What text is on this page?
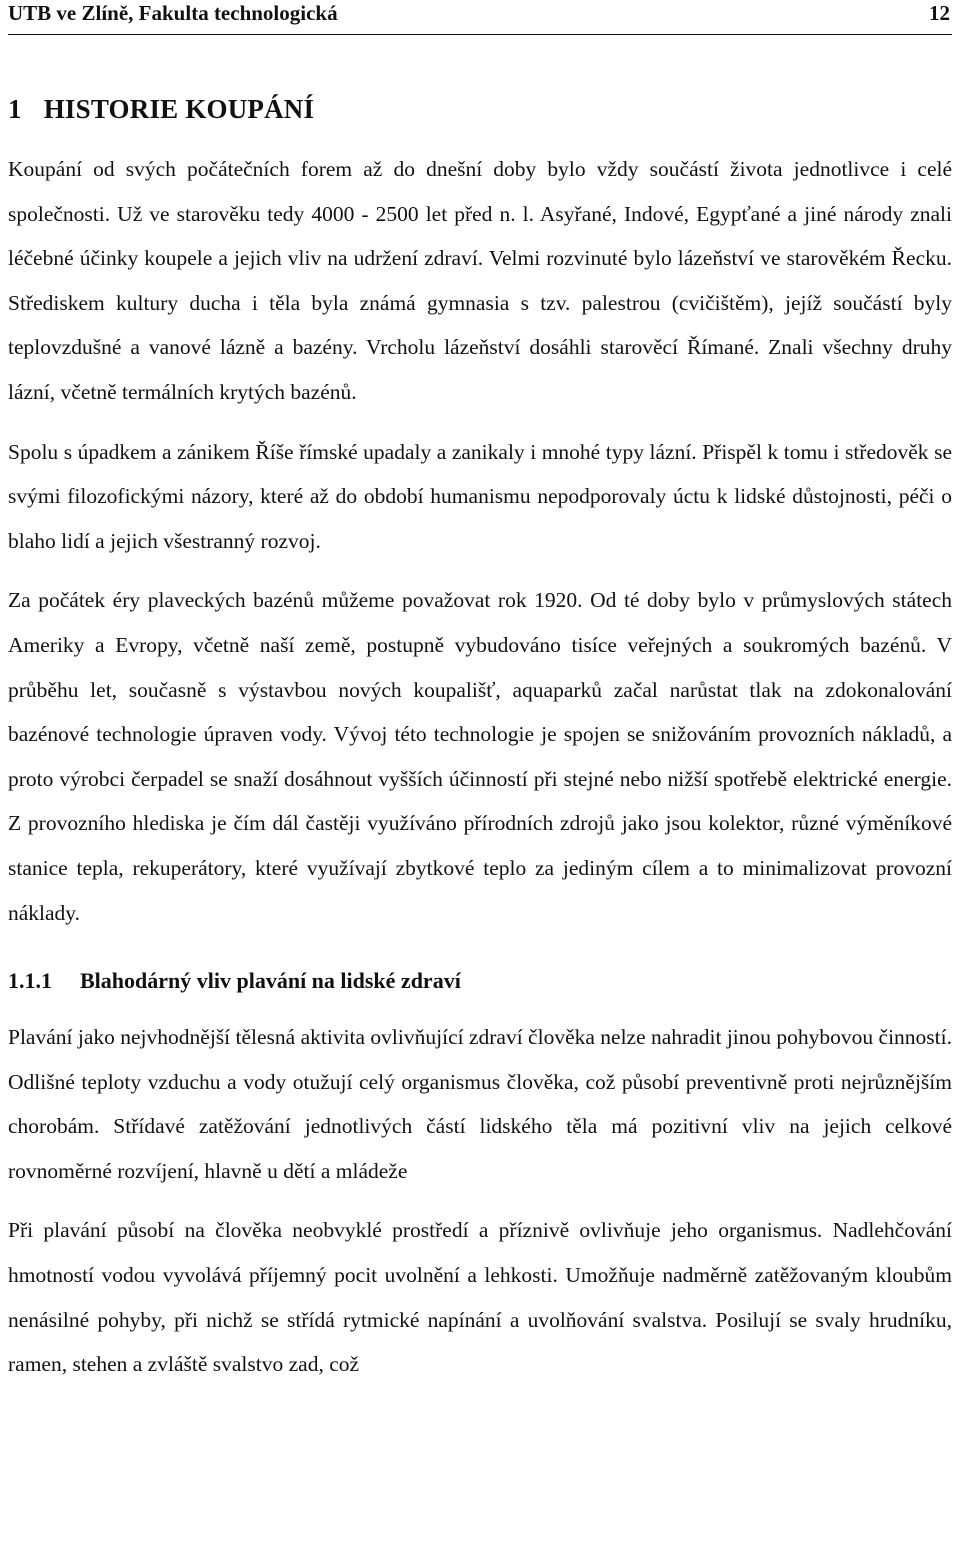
UTB ve Zlíně, Fakulta technologická	12
1 HISTORIE KOUPÁNÍ

Koupání od svých počátečních forem až do dnešní doby bylo vždy součástí života jednotlivce i celé společnosti. Už ve starověku tedy 4000 - 2500 let před n. l. Asyřané, Indové, Egypťané a jiné národy znali léčebné účinky koupele a jejich vliv na udržení zdraví. Velmi rozvinuté bylo lázeňství ve starověkém Řecku. Střediskem kultury ducha i těla byla známá gymnasia s tzv. palestrou (cvičištěm), jejíž součástí byly teplovzdušné a vanové lázně a bazény. Vrcholu lázeňství dosáhli starověcí Římané. Znali všechny druhy lázní, včetně termálních krytých bazénů.

Spolu s úpadkem a zánikem Říše římské upadaly a zanikaly i mnohé typy lázní. Přispěl k tomu i středověk se svými filozofickými názory, které až do období humanismu nepodporovaly úctu k lidské důstojnosti, péči o blaho lidí a jejich všestranný rozvoj.

Za počátek éry plaveckých bazénů můžeme považovat rok 1920. Od té doby bylo v průmyslových státech Ameriky a Evropy, včetně naší země, postupně vybudováno tisíce veřejných a soukromých bazénů. V průběhu let, současně s výstavbou nových koupališť, aquaparků začal narůstat tlak na zdokonalování bazénové technologie úpraven vody. Vývoj této technologie je spojen se snižováním provozních nákladů, a proto výrobci čerpadel se snaží dosáhnout vyšších účinností při stejné nebo nižší spotřebě elektrické energie. Z provozního hlediska je čím dál častěji využíváno přírodních zdrojů jako jsou kolektor, různé výměníkové stanice tepla, rekuperátory, které využívají zbytkové teplo za jediným cílem a to minimalizovat provozní náklady.

1.1.1 Blahodárný vliv plavání na lidské zdraví

Plavání jako nejvhodnější tělesná aktivita ovlivňující zdraví člověka nelze nahradit jinou pohybovou činností. Odlišné teploty vzduchu a vody otužují celý organismus člověka, což působí preventivně proti nejrůznějším chorobám. Střídavé zatěžování jednotlivých částí lidského těla má pozitivní vliv na jejich celkové rovnoměrné rozvíjení, hlavně u dětí a mládeže

Při plavání působí na člověka neobvyklé prostředí a příznivě ovlivňuje jeho organismus. Nadlehčování hmotností vodou vyvolává příjemný pocit uvolnění a lehkosti. Umožňuje nadměrně zatěžovaným kloubům nenásilné pohyby, při nichž se střídá rytmické napínání a uvolňování svalstva. Posilují se svaly hrudníku, ramen, stehen a zvláště svalstvo zad, což
